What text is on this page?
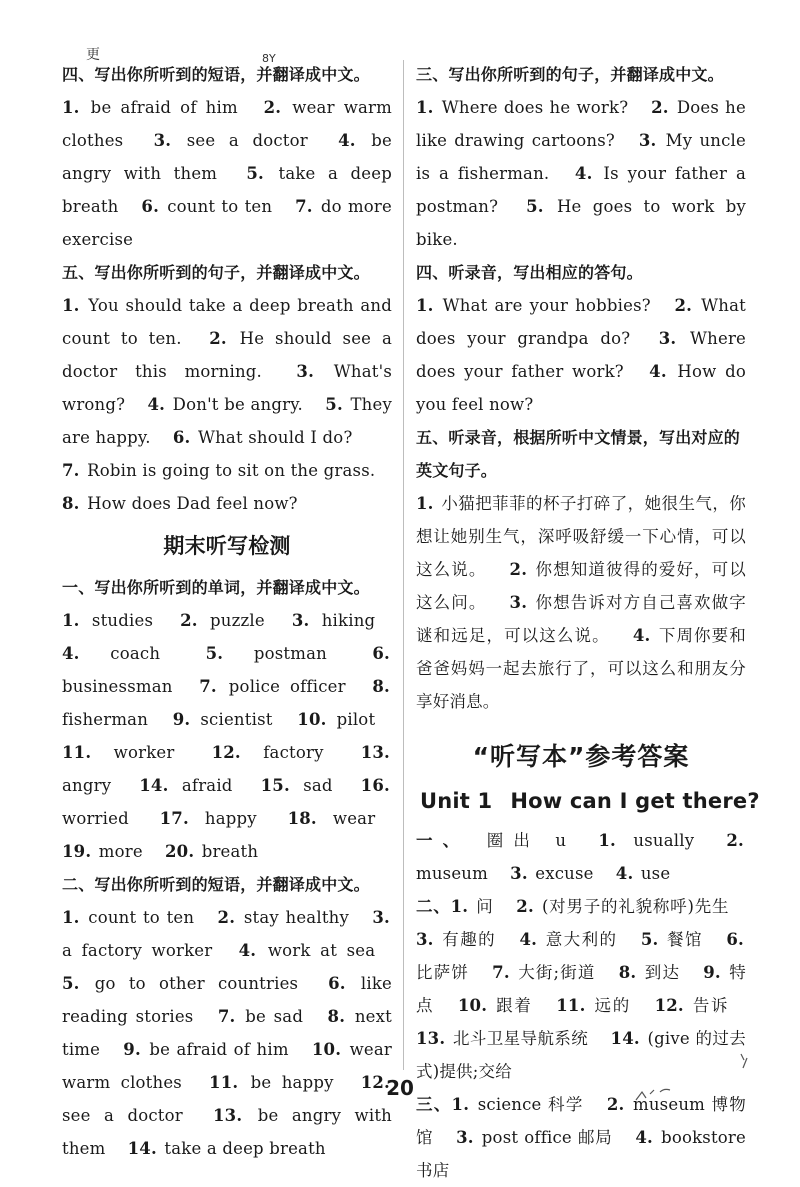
更	8Y
四、写出你所听到的短语，并翻译成中文。
1. be afraid of him  2. wear warm clothes  3. see a doctor  4. be angry with them  5. take a deep breath  6. count to ten  7. do more exercise 
五、写出你所听到的句子，并翻译成中文。
1. You should take a deep breath and count to ten.  2. He should see a doctor this morning.  3. What's wrong?  4. Don't be angry.  5. They are happy.  6. What should I do? 
7. Robin is going to sit on the grass.
8. How does Dad feel now?
期末听写检测
一、写出你所听到的单词，并翻译成中文。
1. studies  2. puzzle  3. hiking  4. coach 	5. postman 	6. businessman  7. police officer  8. fisherman  9. scientist  10. pilot  11. worker  12. factory  13. angry  14. afraid  15. sad  16. worried  17. happy  18. wear  19. more  20. breath 
二、写出你所听到的短语，并翻译成中文。
1. count to ten  2. stay healthy  3. a factory worker  4. work at sea  5. go to other countries  6. like reading stories  7. be sad  8. next time  9. be afraid of him  10. wear warm clothes  11. be happy  12. see a doctor  13. be angry with them  14. take a deep breath 
三、写出你所听到的句子，并翻译成中文。
1. Where does he work?  2. Does he like drawing cartoons?  3. My uncle is a fisherman.  4. Is your father a postman?  5. He goes to work by bike. 
四、听录音，写出相应的答句。
1. What are your hobbies?  2. What does your grandpa do?  3. Where does your father work?  4. How do you feel now? 
五、听录音，根据所听中文情景，写出对应的英文句子。
1. 小猫把菲菲的杯子打碎了，她很生气，你想让她别生气，深呼吸舒缓一下心情，可以这么说。  2. 你想知道彼得的爱好，可以这么问。  3. 你想告诉对方自己喜欢做字谜和远足，可以这么说。  4. 下周你要和爸爸妈妈一起去旅行了，可以这么和朋友分享好消息。 
“听写本”参考答案
Unit 1 How can I get there?
一、 圈出 u  1. usually  2. museum  3. excuse  4. use 
二、1. 问  2. (对男子的礼貌称呼)先生  3. 有趣的  4. 意大利的  5. 餐馆  6. 比萨饼  7. 大街;街道  8. 到达  9. 特点  10. 跟着  11. 远的  12. 告诉  13. 北斗卫星导航系统  14. (give 的过去式)提供;交给 
三、1. science 科学  2. museum 博物馆  3. post office 邮局  4. bookstore 书店 
20
